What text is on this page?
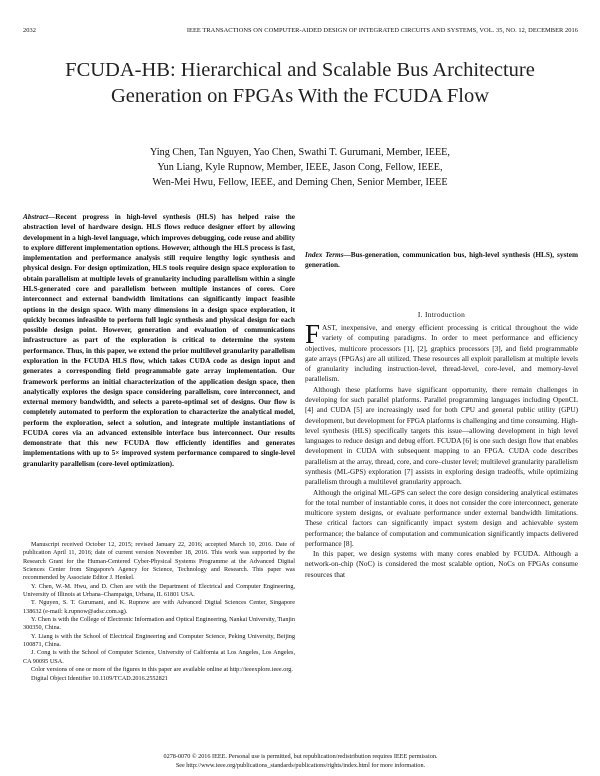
2032	IEEE TRANSACTIONS ON COMPUTER-AIDED DESIGN OF INTEGRATED CIRCUITS AND SYSTEMS, VOL. 35, NO. 12, DECEMBER 2016
FCUDA-HB: Hierarchical and Scalable Bus Architecture Generation on FPGAs With the FCUDA Flow
Ying Chen, Tan Nguyen, Yao Chen, Swathi T. Gurumani, Member, IEEE,
Yun Liang, Kyle Rupnow, Member, IEEE, Jason Cong, Fellow, IEEE,
Wen-Mei Hwu, Fellow, IEEE, and Deming Chen, Senior Member, IEEE
Abstract—Recent progress in high-level synthesis (HLS) has helped raise the abstraction level of hardware design. HLS flows reduce designer effort by allowing development in a high-level language, which improves debugging, code reuse and ability to explore different implementation options. However, although the HLS process is fast, implementation and performance analysis still require lengthy logic synthesis and physical design. For design optimization, HLS tools require design space exploration to obtain parallelism at multiple levels of granularity including parallelism within a single HLS-generated core and parallelism between multiple instances of cores. Core interconnect and external bandwidth limitations can significantly impact feasible options in the design space. With many dimensions in a design space exploration, it quickly becomes infeasible to perform full logic synthesis and physical design for each possible design point. However, generation and evaluation of communications infrastructure as part of the exploration is critical to determine the system performance. Thus, in this paper, we extend the prior multilevel granularity parallelism exploration in the FCUDA HLS flow, which takes CUDA code as design input and generates a corresponding field programmable gate array implementation. Our framework performs an initial characterization of the application design space, then analytically explores the design space considering parallelism, core interconnect, and external memory bandwidth, and selects a pareto-optimal set of designs. Our flow is completely automated to perform the exploration to characterize the analytical model, perform the exploration, select a solution, and integrate multiple instantiations of FCUDA cores via an advanced extensible interface bus interconnect. Our results demonstrate that this new FCUDA flow efficiently identifies and generates implementations with up to 5× improved system performance compared to single-level granularity parallelism (core-level optimization).

Manuscript received October 12, 2015; revised January 22, 2016; accepted March 10, 2016. Date of publication April 11, 2016; date of current version November 18, 2016. This work was supported by the Research Grant for the Human-Centered Cyber-Physical Systems Programme at the Advanced Digital Sciences Center from Singapore's Agency for Science, Technology and Research. This paper was recommended by Associate Editor J. Henkel.

Y. Chen, W.-M. Hwu, and D. Chen are with the Department of Electrical and Computer Engineering, University of Illinois at Urbana–Champaign, Urbana, IL 61801 USA.

T. Nguyen, S. T. Gurumani, and K. Rupnow are with Advanced Digital Sciences Center, Singapore 138632 (e-mail: k.rupnow@adsc.com.sg).

Y. Chen is with the College of Electronic Information and Optical Engineering, Nankai University, Tianjin 300350, China.

Y. Liang is with the School of Electrical Engineering and Computer Science, Peking University, Beijing 100871, China.

J. Cong is with the School of Computer Science, University of California at Los Angeles, Los Angeles, CA 90095 USA.

Color versions of one or more of the figures in this paper are available online at http://ieeexplore.ieee.org.

Digital Object Identifier 10.1109/TCAD.2016.2552821

Index Terms—Bus-generation, communication bus, high-level synthesis (HLS), system generation.
I. Introduction

FAST, inexpensive, and energy efficient processing is critical throughout the wide variety of computing paradigms. In order to meet performance and efficiency objectives, multicore processors [1], [2], graphics processors [3], and field programmable gate arrays (FPGAs) are all utilized. These resources all exploit parallelism at multiple levels of granularity including instruction-level, thread-level, core-level, and memory-level parallelism.

Although these platforms have significant opportunity, there remain challenges in developing for such parallel platforms. Parallel programming languages including OpenCL [4] and CUDA [5] are increasingly used for both CPU and general public utility (GPU) development, but development for FPGA platforms is challenging and time consuming. High-level synthesis (HLS) specifically targets this issue—allowing development in high level languages to reduce design and debug effort. FCUDA [6] is one such design flow that enables development in CUDA with subsequent mapping to an FPGA. CUDA code describes parallelism at the array, thread, core, and core–cluster level; multilevel granularity parallelism synthesis (ML-GPS) exploration [7] assists in exploring design tradeoffs, while optimizing parallelism through a multilevel granularity approach.

Although the original ML-GPS can select the core design considering analytical estimates for the total number of instantiable cores, it does not consider the core interconnect, generate multicore system designs, or evaluate performance under external bandwidth limitations. These critical factors can significantly impact system design and achievable system performance; the balance of computation and communication significantly impacts delivered performance [8].

In this paper, we design systems with many cores enabled by FCUDA. Although a network-on-chip (NoC) is considered the most scalable option, NoCs on FPGAs consume resources that

0278-0070 © 2016 IEEE. Personal use is permitted, but republication/redistribution requires IEEE permission.
See http://www.ieee.org/publications_standards/publications/rights/index.html for more information.
